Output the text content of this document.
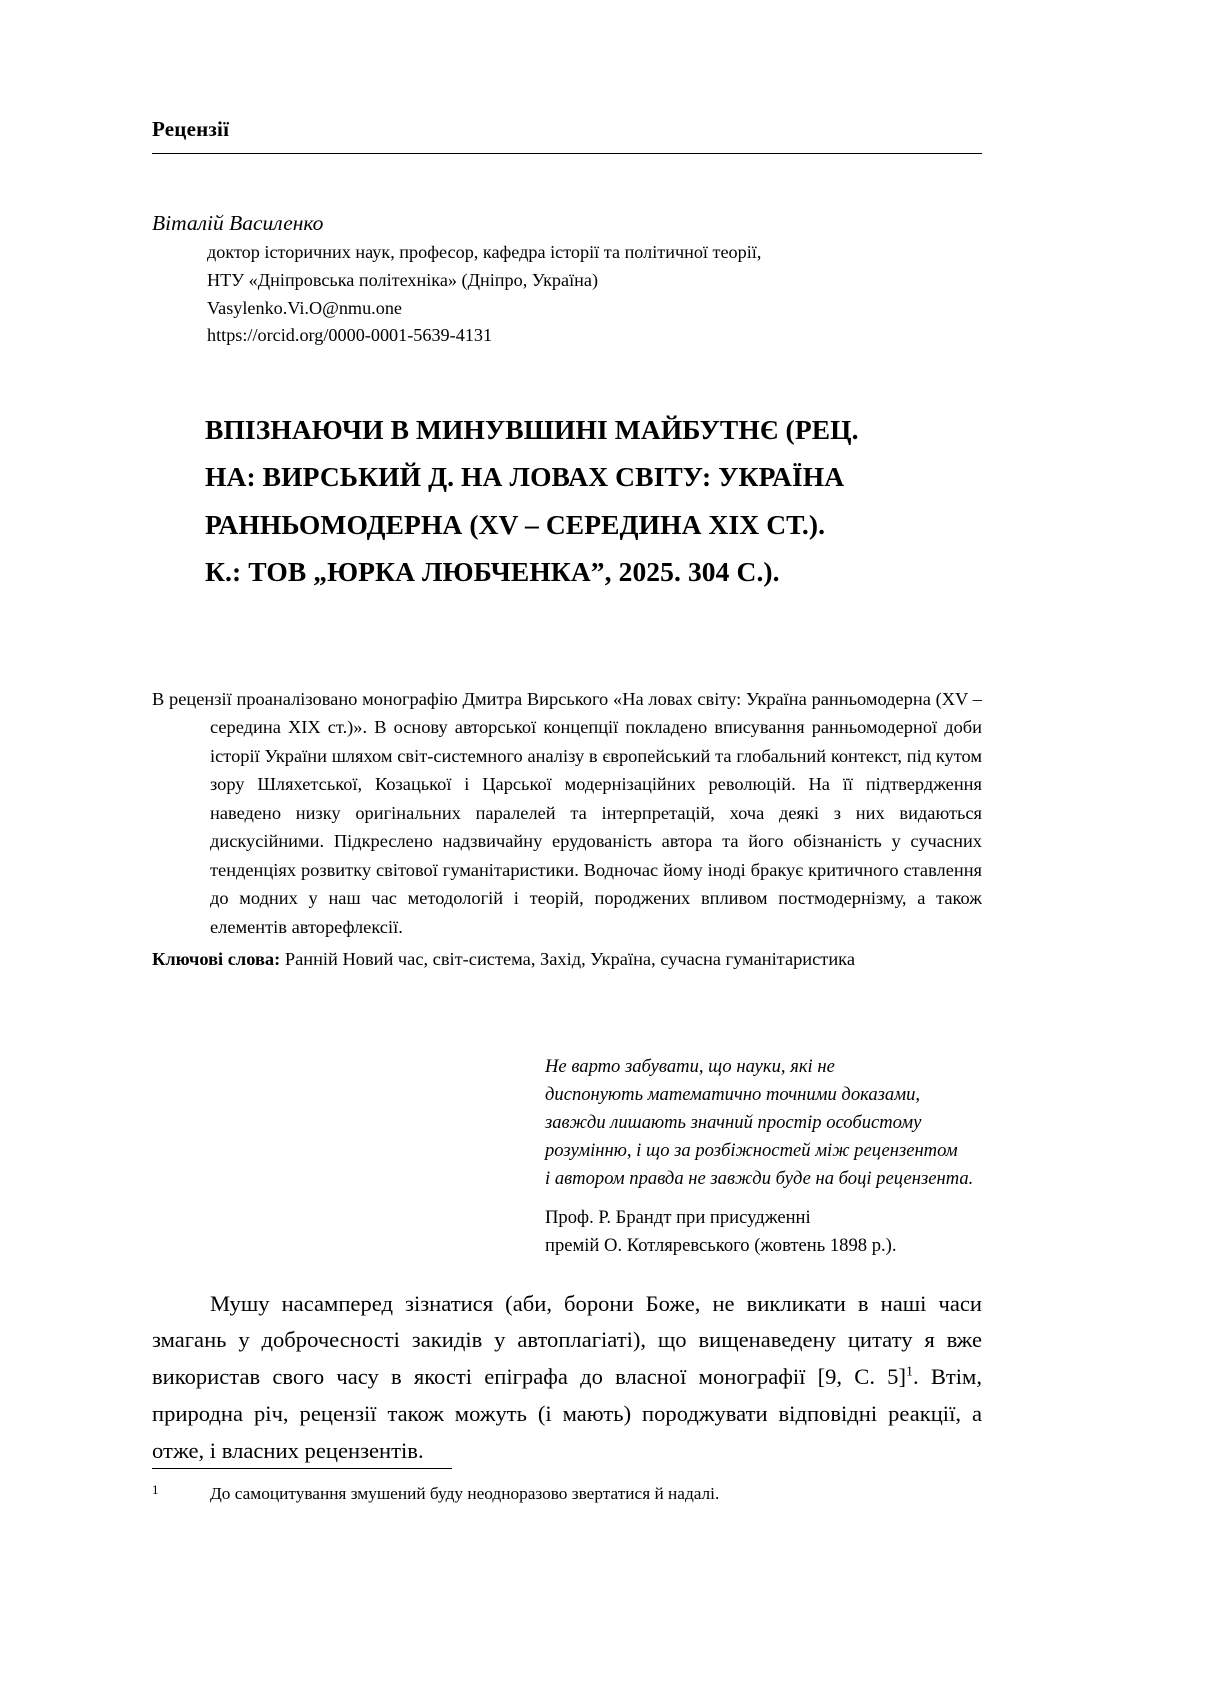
Рецензії
Віталій Василенко
доктор історичних наук, професор, кафедра історії та політичної теорії,
НТУ «Дніпровська політехніка» (Дніпро, Україна)
Vasylenko.Vi.O@nmu.one
https://orcid.org/0000-0001-5639-4131
ВПІЗНАЮЧИ В МИНУВШИНІ МАЙБУТНЄ (РЕЦ.
НА: ВИРСЬКИЙ Д. НА ЛОВАХ СВІТУ: УКРАЇНА
РАННЬОМОДЕРНА (XV – СЕРЕДИНА XIX СТ.).
К.: ТОВ „ЮРКА ЛЮБЧЕНКА”, 2025. 304 С.).
В рецензії проаналізовано монографію Дмитра Вирського «На ловах світу: Україна ранньомодерна (XV – середина XIX ст.)». В основу авторської концепції покладено вписування ранньомодерної доби історії України шляхом світ-системного аналізу в європейський та глобальний контекст, під кутом зору Шляхетської, Козацької і Царської модернізаційних революцій. На її підтвердження наведено низку оригінальних паралелей та інтерпретацій, хоча деякі з них видаються дискусійними. Підкреслено надзвичайну ерудованість автора та його обізнаність у сучасних тенденціях розвитку світової гуманітаристики. Водночас йому іноді бракує критичного ставлення до модних у наш час методологій і теорій, породжених впливом постмодернізму, а також елементів авторефлексії.
Ключові слова: Ранній Новий час, світ-система, Захід, Україна, сучасна гуманітаристика
Не варто забувати, що науки, які не
диспонують математично точними доказами,
завжди лишають значний простір особистому
розумінню, і що за розбіжностей між рецензентом
і автором правда не завжди буде на боці рецензента.
Проф. Р. Брандт при присудженні
премій О. Котляревського (жовтень 1898 р.).

Мушу насамперед зізнатися (аби, борони Боже, не викликати в наші часи змагань у доброчесності закидів у автоплагіаті), що вищенаведену цитату я вже використав свого часу в якості епіграфа до власної монографії [9, С. 5]$^1$. Втім, природна річ, рецензії також можуть (і мають) породжувати відповідні реакції, а отже, і власних рецензентів.

1	До самоцитування змушений буду неодноразово звертатися й надалі.
